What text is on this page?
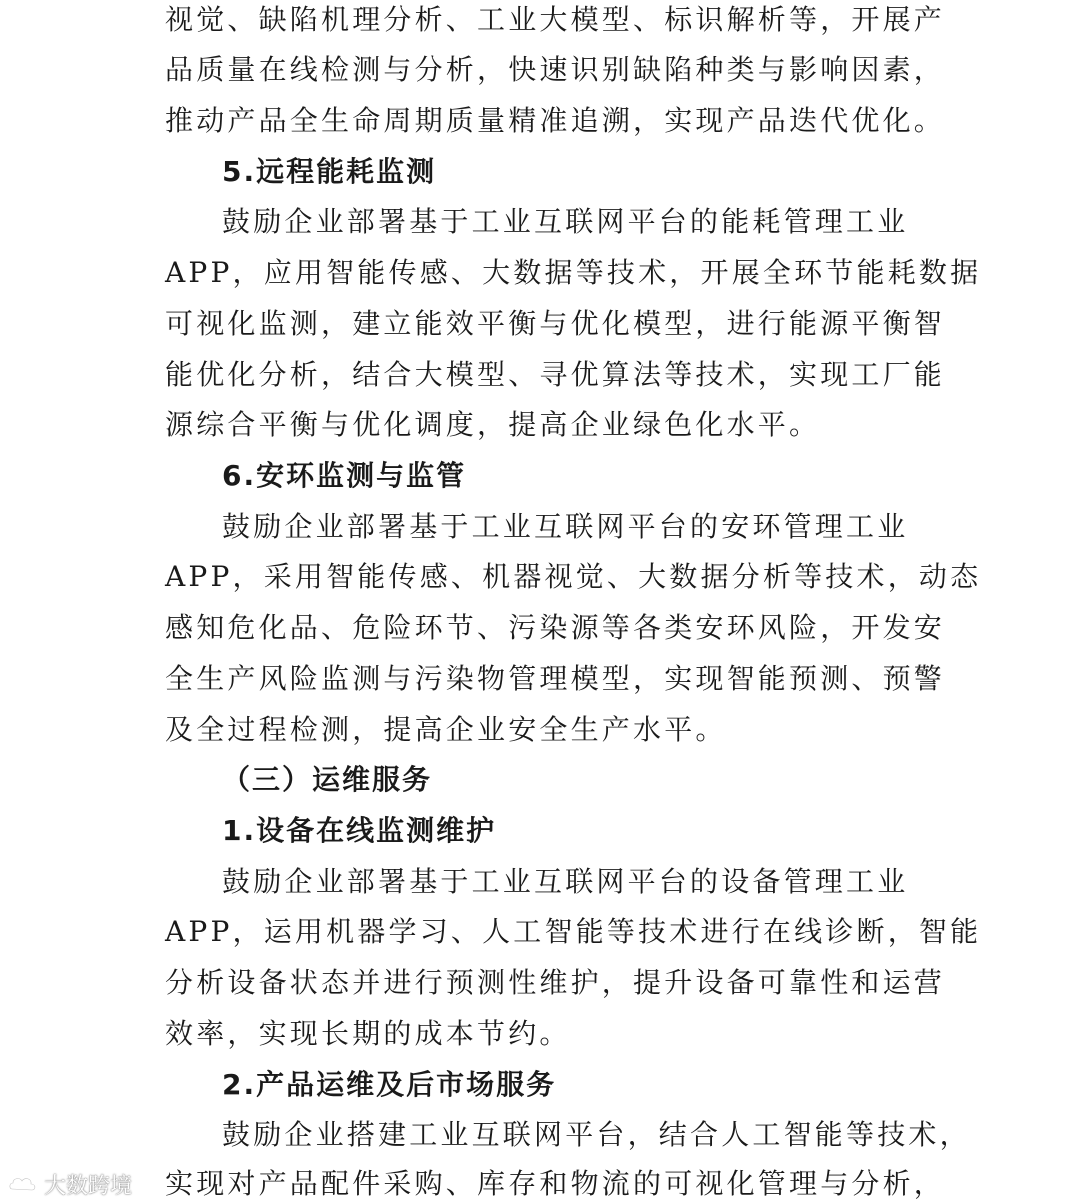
视觉、缺陷机理分析、工业大模型、标识解析等，开展产
品质量在线检测与分析，快速识别缺陷种类与影响因素，
推动产品全生命周期质量精准追溯，实现产品迭代优化。
5.远程能耗监测
鼓励企业部署基于工业互联网平台的能耗管理工业
APP，应用智能传感、大数据等技术，开展全环节能耗数据
可视化监测，建立能效平衡与优化模型，进行能源平衡智
能优化分析，结合大模型、寻优算法等技术，实现工厂能
源综合平衡与优化调度，提高企业绿色化水平。
6.安环监测与监管
鼓励企业部署基于工业互联网平台的安环管理工业
APP，采用智能传感、机器视觉、大数据分析等技术，动态
感知危化品、危险环节、污染源等各类安环风险，开发安
全生产风险监测与污染物管理模型，实现智能预测、预警
及全过程检测，提高企业安全生产水平。
（三）运维服务
1.设备在线监测维护
鼓励企业部署基于工业互联网平台的设备管理工业
APP，运用机器学习、人工智能等技术进行在线诊断，智能
分析设备状态并进行预测性维护，提升设备可靠性和运营
效率，实现长期的成本节约。
2.产品运维及后市场服务
鼓励企业搭建工业互联网平台，结合人工智能等技术，
实现对产品配件采购、库存和物流的可视化管理与分析，
大数跨境
